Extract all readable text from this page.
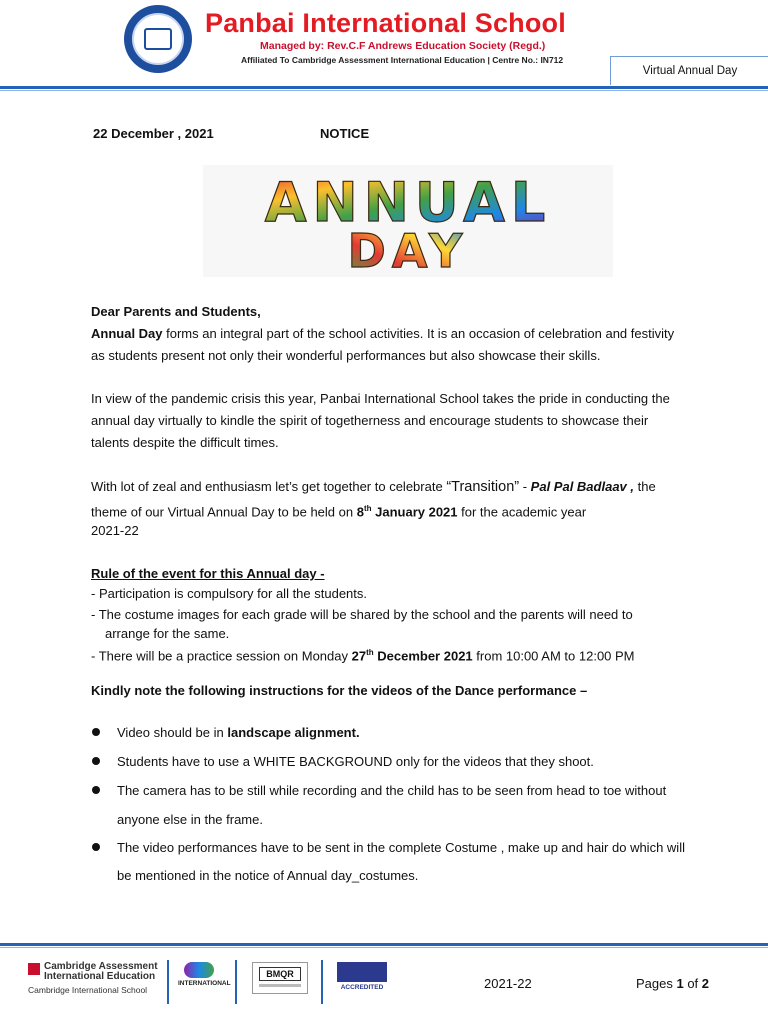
Panbai International School
Managed by: Rev.C.F Andrews Education Society (Regd.)
Affiliated To Cambridge Assessment International Education | Centre No.: IN712
Virtual Annual Day
22 December , 2021	NOTICE
ANNUAL
DAY
Dear Parents and Students,
Annual Day forms an integral part of the school activities. It is an occasion of celebration and festivity
as students present not only their wonderful performances but also showcase their skills.
In view of the pandemic crisis this year, Panbai International School takes the pride in conducting the
annual day virtually to kindle the spirit of togetherness and encourage students to showcase their
talents despite the difficult times.
With lot of zeal and enthusiasm let’s get together to celebrate “Transition” - Pal Pal Badlaav , the
theme of our Virtual Annual Day to be held on 8th January 2021 for the academic year
2021-22
Rule of the event for this Annual day -
- Participation is compulsory for all the students.
- The costume images for each grade will be shared by the school and the parents will need to
arrange for the same.
- There will be a practice session on Monday 27th December 2021 from 10:00 AM to 12:00 PM
Kindly note the following instructions for the videos of the Dance performance –
Video should be in landscape alignment.
Students have to use a WHITE BACKGROUND only for the videos that they shoot.
The camera has to be still while recording and the child has to be seen from head to toe without
anyone else in the frame.
The video performances have to be sent in the complete Costume , make up and hair do which will
be mentioned in the notice of Annual day_costumes.
Cambridge Assessment
International Education
Cambridge International School
INTERNATIONAL
BMQR
ACCREDITED	2021-22	Pages 1 of 2
